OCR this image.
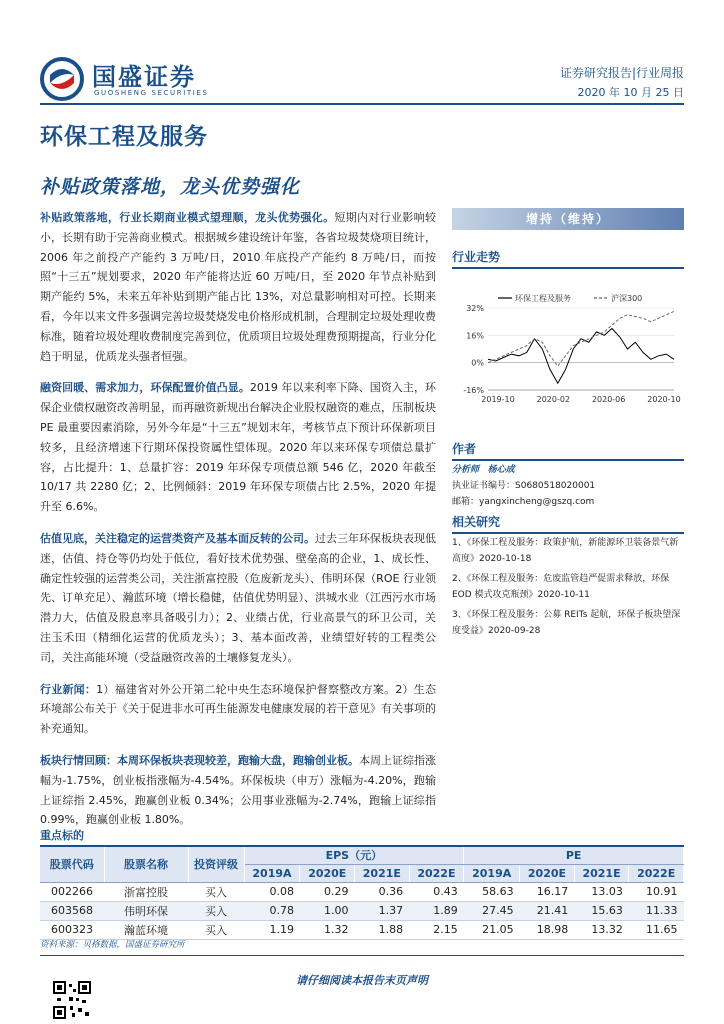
国盛证券
GUOSHENG SECURITIES
证券研究报告|行业周报
2020 年 10 月 25 日
环保工程及服务
补贴政策落地，龙头优势强化

补贴政策落地，行业长期商业模式望理顺，龙头优势强化。短期内对行业影响较小，长期有助于完善商业模式。根据城乡建设统计年鉴，各省垃圾焚烧项目统计，2006 年之前投产产能约 3 万吨/日，2010 年底投产产能约 8 万吨/日，而按照“十三五”规划要求，2020 年产能将达近 60 万吨/日，至 2020 年节点补贴到期产能约 5%，未来五年补贴到期产能占比 13%，对总量影响相对可控。长期来看，今年以来文件多强调完善垃圾焚烧发电价格形成机制，合理制定垃圾处理收费标准，随着垃圾处理收费制度完善到位，优质项目垃圾处理费预期提高，行业分化趋于明显，优质龙头强者恒强。

融资回暖、需求加力，环保配置价值凸显。2019 年以来利率下降、国资入主，环保企业债权融资改善明显，而再融资新规出台解决企业股权融资的难点，压制板块 PE 最重要因素消除，另外今年是“十三五”规划末年，考核节点下预计环保新项目较多，且经济增速下行期环保投资属性望体现。2020 年以来环保专项债总量扩容，占比提升：1、总量扩容：2019 年环保专项债总额 546 亿，2020 年截至 10/17 共 2280 亿；2、比例倾斜：2019 年环保专项债占比 2.5%，2020 年提升至 6.6%。

估值见底，关注稳定的运营类资产及基本面反转的公司。过去三年环保板块表现低迷，估值、持仓等仍均处于低位，看好技术优势强、壁垒高的企业，1、成长性、确定性较强的运营类公司，关注浙富控股（危废新龙头）、伟明环保（ROE 行业领先、订单充足）、瀚蓝环境（增长稳健，估值优势明显）、洪城水业（江西污水市场潜力大，估值及股息率具备吸引力）；2、业绩占优，行业高景气的环卫公司，关注玉禾田（精细化运营的优质龙头）；3、基本面改善，业绩望好转的工程类公司，关注高能环境（受益融资改善的土壤修复龙头）。

行业新闻：1）福建省对外公开第二轮中央生态环境保护督察整改方案。2）生态环境部公布关于《关于促进非水可再生能源发电健康发展的若干意见》有关事项的补充通知。

板块行情回顾：本周环保板块表现较差，跑输大盘，跑输创业板。本周上证综指涨幅为-1.75%，创业板指涨幅为-4.54%。环保板块（申万）涨幅为-4.20%，跑输上证综指 2.45%，跑赢创业板 0.34%；公用事业涨幅为-2.74%，跑输上证综指 0.99%，跑赢创业板 1.80%。

增持（维持）
行业走势
32%
16%
0%
-16%
2019-10	2020-02	2020-06	2020-10
环保工程及服务	沪深300
作者
分析师 杨心成
执业证书编号：S0680518020001
邮箱：yangxincheng@gszq.com
相关研究
1、《环保工程及服务：政策护航，新能源环卫装备景气新高度》2020-10-18
2、《环保工程及服务：危废监管趋严促需求释放，环保 EOD 模式攻克瓶颈》2020-10-11
3、《环保工程及服务：公募 REITs 起航，环保子板块望深度受益》2020-09-28
重点标的
股票代码	股票名称	投资评级	EPS（元）				PE			
			2019A	2020E	2021E	2022E	2019A	2020E	2021E	2022E
002266	浙富控股	买入	0.08	0.29	0.36	0.43	58.63	16.17	13.03	10.91
603568	伟明环保	买入	0.78	1.00	1.37	1.89	27.45	21.41	15.63	11.33
600323	瀚蓝环境	买入	1.19	1.32	1.88	2.15	21.05	18.98	13.32	11.65
资料来源：贝格数据，国盛证券研究所
请仔细阅读本报告末页声明
